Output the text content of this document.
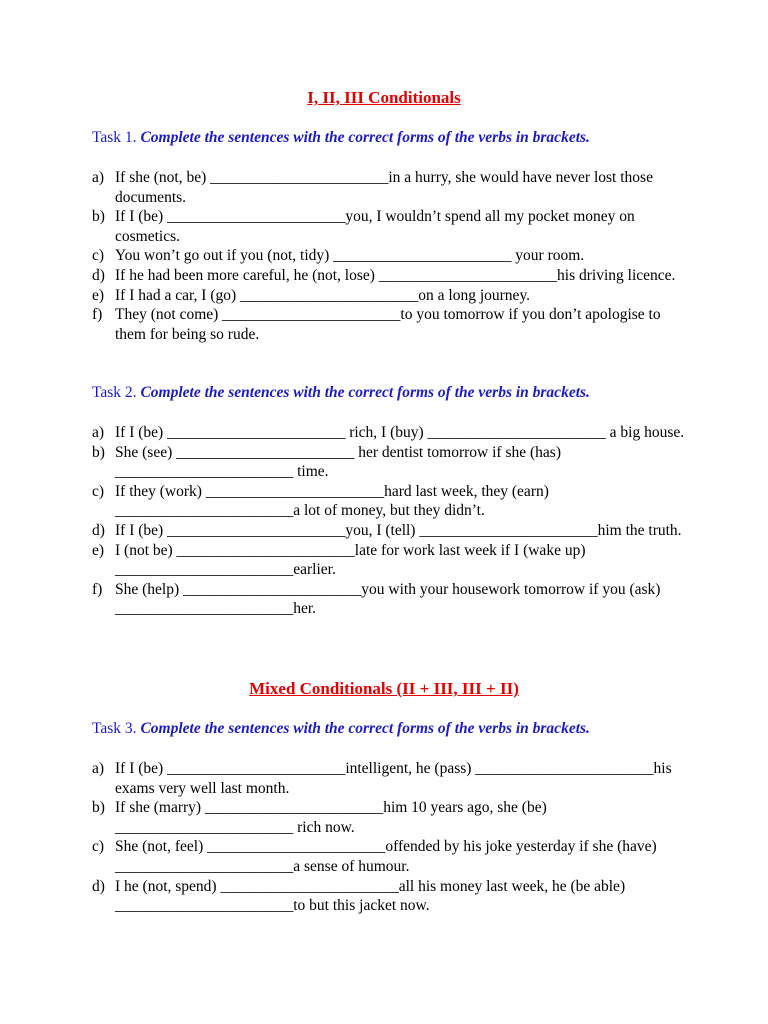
I, II, III Conditionals
Task 1. Complete the sentences with the correct forms of the verbs in brackets.
a) If she (not, be) _______________________in a hurry, she would have never lost those documents.
b) If I (be) _______________________you, I wouldn’t spend all my pocket money on cosmetics.
c) You won’t go out if you (not, tidy) _______________________ your room.
d) If he had been more careful, he (not, lose) _______________________his driving licence.
e) If I had a car, I (go) _______________________on a long journey.
f) They (not come) _______________________to you tomorrow if you don’t apologise to them for being so rude.
Task 2. Complete the sentences with the correct forms of the verbs in brackets.
a) If I (be) _______________________ rich, I (buy) _______________________ a big house.
b) She (see) _______________________ her dentist tomorrow if she (has) _______________________ time.
c) If they (work) _______________________hard last week, they (earn) _______________________a lot of money, but they didn’t.
d) If I (be) _______________________you, I (tell) _______________________him the truth.
e) I (not be) _______________________late for work last week if I (wake up) _______________________earlier.
f) She (help) _______________________you with your housework tomorrow if you (ask) _______________________her.
Mixed Conditionals (II + III, III + II)
Task 3. Complete the sentences with the correct forms of the verbs in brackets.
a) If I (be) _______________________intelligent, he (pass) _______________________his exams very well last month.
b) If she (marry) _______________________him 10 years ago, she (be) _______________________ rich now.
c) She (not, feel) _______________________offended by his joke yesterday if she (have) _______________________a sense of humour.
d) I he (not, spend) _______________________all his money last week, he (be able) _______________________to but this jacket now.
